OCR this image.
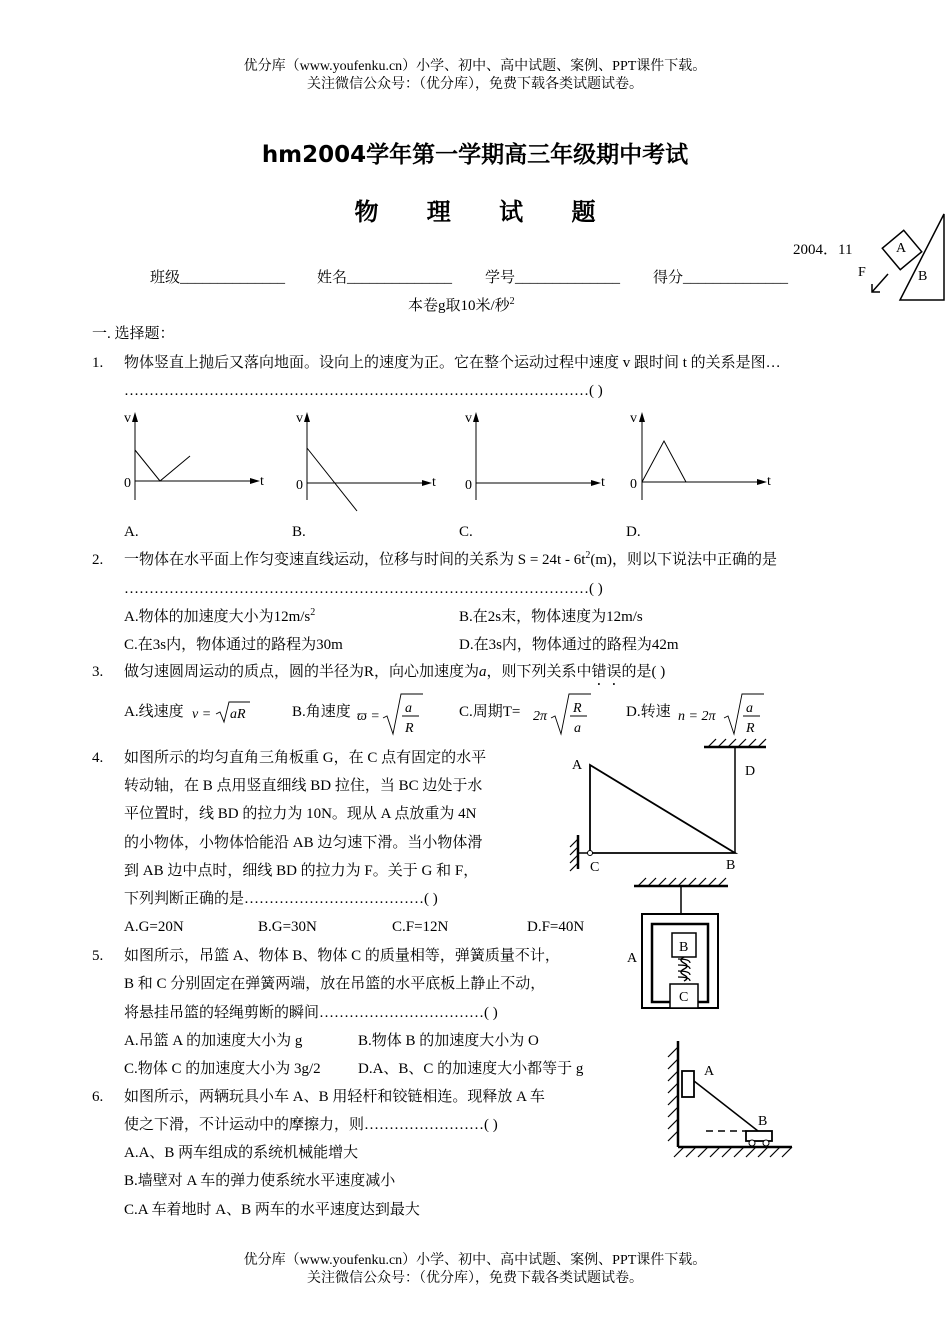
优分库（www.youfenku.cn）小学、初中、高中试题、案例、PPT课件下载。
关注微信公众号：（优分库），免费下载各类试题试卷。
hm2004学年第一学期高三年级期中考试
物 理 试 题
2004．11	A
B
F
班级______________ 姓名______________ 学号______________ 得分______________
本卷g取10米/秒$^2$
一. 选择题：
1. 物体竖直上抛后又落向地面。设向上的速度为正。它在整个运动过程中速度 v 跟时间 t 的关系是图…
…………………………………………………………………………………( )
v
0	t
v
0	t
v
0	t
v
0	t
A.	B.	C.	D.
2. 一物体在水平面上作匀变速直线运动，位移与时间的关系为 $S = 24t - 6t^2(m)$，则以下说法中正确的是
…………………………………………………………………………………( )
A.物体的加速度大小为$12m/s^2$	B.在2s末，物体速度为12m/s
C.在3s内，物体通过的路程为30m	D.在3s内，物体通过的路程为42m
3. 做匀速圆周运动的质点，圆的半径为R，向心加速度为a，则下列关系中错误的是( )
A.线速度 v = aR	B.角速度 ϖ =
a
R
C.周期T= 2π
R
a
D.转速 n = 2π
a
R
4. 如图所示的均匀直角三角板重 G，在 C 点有固定的水平
转动轴，在 B 点用竖直细线 BD 拉住，当 BC 边处于水
平位置时，线 BD 的拉力为 10N。现从 A 点放重为 4N
的小物体，小物体恰能沿 AB 边匀速下滑。当小物体滑
到 AB 边中点时，细线 BD 的拉力为 F。关于 G 和 F，
下列判断正确的是………………………………( )
A.G=20N	B.G=30N	C.F=12N	D.F=40N
A
C	B
D
5. 如图所示，吊篮 A、物体 B、物体 C 的质量相等，弹簧质量不计，
B 和 C 分别固定在弹簧两端，放在吊篮的水平底板上静止不动，
将悬挂吊篮的轻绳剪断的瞬间……………………………( )
A.吊篮 A 的加速度大小为 g	B.物体 B 的加速度大小为 O
C.物体 C 的加速度大小为 3g/2 D.A、B、C 的加速度大小都等于 g
A
B
C
6. 如图所示，两辆玩具小车 A、B 用轻杆和铰链相连。现释放 A 车
使之下滑，不计运动中的摩擦力，则……………………( )
A.A、B 两车组成的系统机械能增大
B.墙壁对 A 车的弹力使系统水平速度减小
C.A 车着地时 A、B 两车的水平速度达到最大
A
B
优分库（www.youfenku.cn）小学、初中、高中试题、案例、PPT课件下载。
关注微信公众号：（优分库），免费下载各类试题试卷。
